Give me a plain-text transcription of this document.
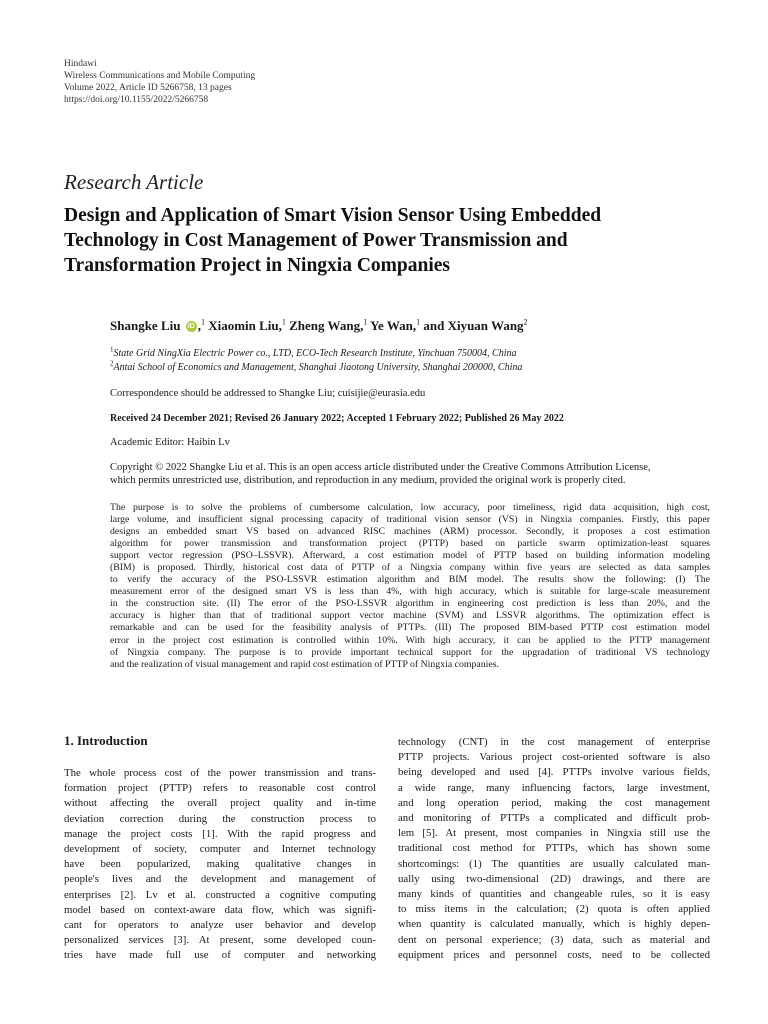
Hindawi
Wireless Communications and Mobile Computing
Volume 2022, Article ID 5266758, 13 pages
https://doi.org/10.1155/2022/5266758
Research Article
Design and Application of Smart Vision Sensor Using Embedded
Technology in Cost Management of Power Transmission and
Transformation Project in Ningxia Companies
Shangke Liu iD ,$^1$ Xiaomin Liu,$^1$ Zheng Wang,$^1$ Ye Wan,$^1$ and Xiyuan Wang$^2$
$^1$State Grid NingXia Electric Power co., LTD, ECO-Tech Research Institute, Yinchuan 750004, China
$^2$Antai School of Economics and Management, Shanghai Jiaotong University, Shanghai 200000, China
Correspondence should be addressed to Shangke Liu; cuisijie@eurasia.edu
Received 24 December 2021; Revised 26 January 2022; Accepted 1 February 2022; Published 26 May 2022
Academic Editor: Haibin Lv
Copyright © 2022 Shangke Liu et al. This is an open access article distributed under the Creative Commons Attribution License,
which permits unrestricted use, distribution, and reproduction in any medium, provided the original work is properly cited.
The purpose is to solve the problems of cumbersome calculation, low accuracy, poor timeliness, rigid data acquisition, high cost,
large volume, and insufficient signal processing capacity of traditional vision sensor (VS) in Ningxia companies. Firstly, this paper
designs an embedded smart VS based on advanced RISC machines (ARM) processor. Secondly, it proposes a cost estimation
algorithm for power transmission and transformation project (PTTP) based on particle swarm optimization-least squares
support vector regression (PSO–LSSVR). Afterward, a cost estimation model of PTTP based on building information modeling
(BIM) is proposed. Thirdly, historical cost data of PTTP of a Ningxia company within five years are selected as data samples
to verify the accuracy of the PSO-LSSVR estimation algorithm and BIM model. The results show the following: (I) The
measurement error of the designed smart VS is less than 4%, with high accuracy, which is suitable for large-scale measurement
in the construction site. (II) The error of the PSO-LSSVR algorithm in engineering cost prediction is less than 20%, and the
accuracy is higher than that of traditional support vector machine (SVM) and LSSVR algorithms. The optimization effect is
remarkable and can be used for the feasibility analysis of PTTPs. (III) The proposed BIM-based PTTP cost estimation model
error in the project cost estimation is controlled within 10%. With high accuracy, it can be applied to the PTTP management
of Ningxia company. The purpose is to provide important technical support for the upgradation of traditional VS technology
and the realization of visual management and rapid cost estimation of PTTP of Ningxia companies.
1. Introduction
The whole process cost of the power transmission and trans-
formation project (PTTP) refers to reasonable cost control
without affecting the overall project quality and in-time
deviation correction during the construction process to
manage the project costs [1]. With the rapid progress and
development of society, computer and Internet technology
have been popularized, making qualitative changes in
people's lives and the development and management of
enterprises [2]. Lv et al. constructed a cognitive computing
model based on context-aware data flow, which was signifi-
cant for operators to analyze user behavior and develop
personalized services [3]. At present, some developed coun-
tries have made full use of computer and networking
technology (CNT) in the cost management of enterprise
PTTP projects. Various project cost-oriented software is also
being developed and used [4]. PTTPs involve various fields,
a wide range, many influencing factors, large investment,
and long operation period, making the cost management
and monitoring of PTTPs a complicated and difficult prob-
lem [5]. At present, most companies in Ningxia still use the
traditional cost method for PTTPs, which has shown some
shortcomings: (1) The quantities are usually calculated man-
ually using two-dimensional (2D) drawings, and there are
many kinds of quantities and changeable rules, so it is easy
to miss items in the calculation; (2) quota is often applied
when quantity is calculated manually, which is highly depen-
dent on personal experience; (3) data, such as material and
equipment prices and personnel costs, need to be collected
